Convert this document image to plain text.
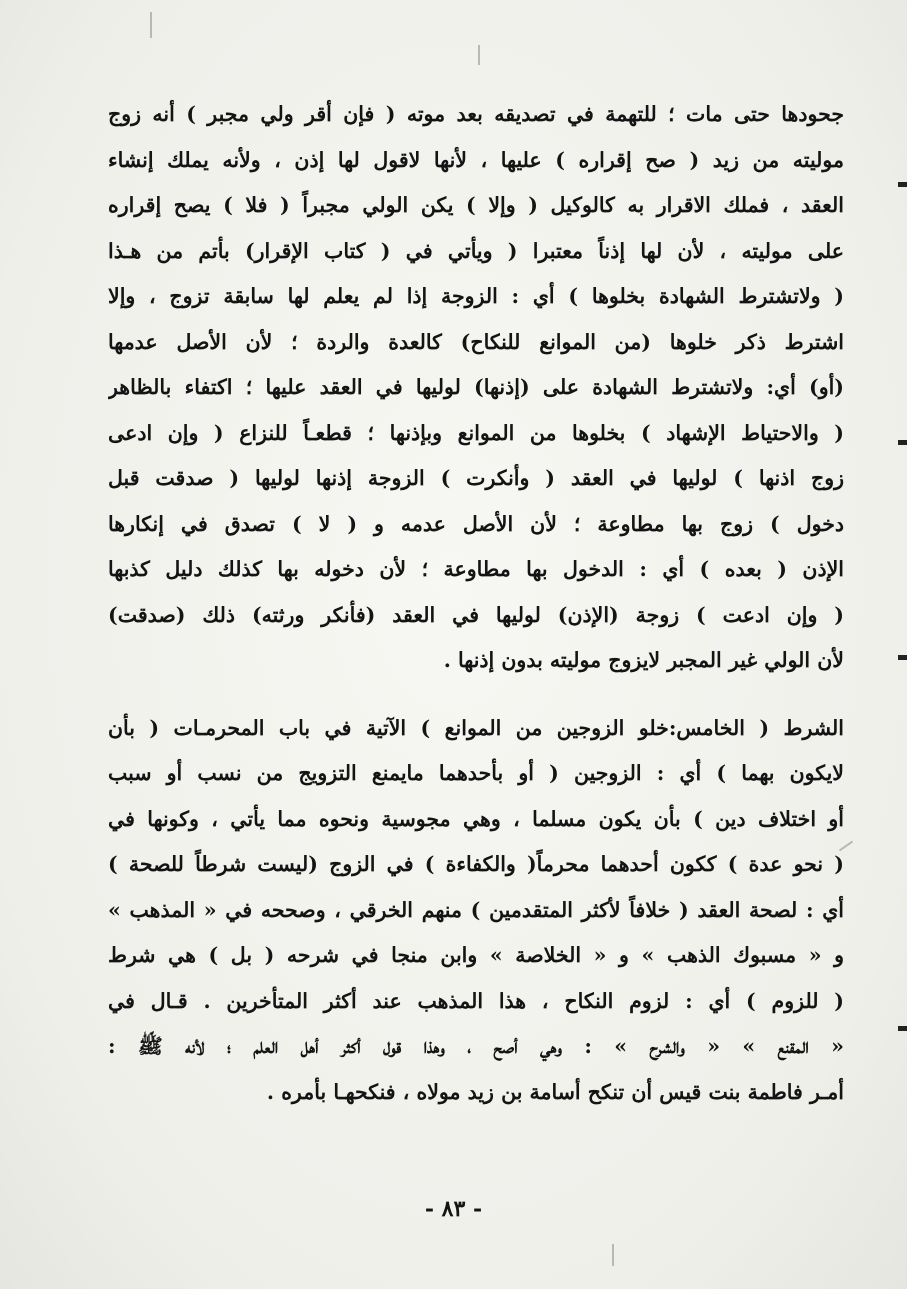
جحودها حتى مات ؛ للتهمة في تصديقه بعد موته ( فإن أقر ولي مجبر ) أنه زوج
موليته من زيد ( صح إقراره ) عليها ، لأنها لاقول لها إذن ، ولأنه يملك إنشاء
العقد ، فملك الاقرار به كالوكيل ( وإلا ) يكن الولي مجبراً ( فلا ) يصح إقراره
على موليته ، لأن لها إذناً معتبرا ( ويأتي في ( كتاب الإقرار) بأتم من هـذا
( ولاتشترط الشهادة بخلوها ) أي : الزوجة إذا لم يعلم لها سابقة تزوج ، وإلا
اشترط ذكر خلوها (من الموانع للنكاح) كالعدة والردة ؛ لأن الأصل عدمها
(أو) أي: ولاتشترط الشهادة على (إذنها) لوليها في العقد عليها ؛ اكتفاء بالظاهر
( والاحتياط الإشهاد ) بخلوها من الموانع وبإذنها ؛ قطعـاً للنزاع ( وإن ادعى
زوج اذنها ) لوليها في العقد ( وأنكرت ) الزوجة إذنها لوليها ( صدقت قبل
دخول ) زوج بها مطاوعة ؛ لأن الأصل عدمه و ( لا ) تصدق في إنكارها
الإذن ( بعده ) أي : الدخول بها مطاوعة ؛ لأن دخوله بها كذلك دليل كذبها
( وإن ادعت ) زوجة (الإذن) لوليها في العقد (فأنكر ورثته) ذلك (صدقت)
لأن الولي غير المجبر لايزوج موليته بدون إذنها .
الشرط ( الخامس:خلو الزوجين من الموانع ) الآتية في باب المحرمـات ( بأن
لايكون بهما ) أي : الزوجين ( أو بأحدهما مايمنع التزويج من نسب أو سبب
أو اختلاف دين ) بأن يكون مسلما ، وهي مجوسية ونحوه مما يأتي ، وكونها في
( نحو عدة ) ككون أحدهما محرماً( والكفاءة ) في الزوج (ليست شرطاً للصحة )
أي : لصحة العقد ( خلافاً لأكثر المتقدمين ) منهم الخرقي ، وصححه في « المذهب »
و « مسبوك الذهب » و « الخلاصة » وابن منجا في شرحه ( بل ) هي شرط
( للزوم ) أي : لزوم النكاح ، هذا المذهب عند أكثر المتأخرين . قـال في
« المقنع » « والشرح » : وهي أصح ، وهذا قول أكثر أهل العلم ؛ لأنه ﷺ :
أمـر فاطمة بنت قيس أن تنكح أسامة بن زيد مولاه ، فنكحهـا بأمره .
- ٨٣ -
